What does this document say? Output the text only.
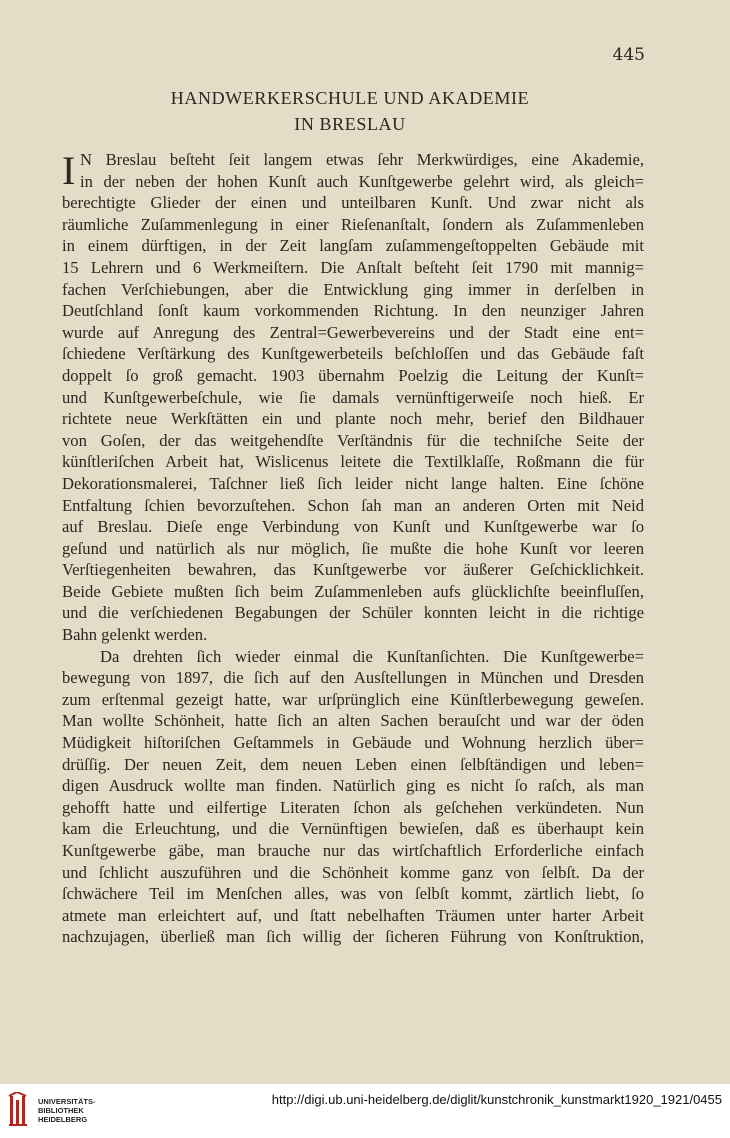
445
HANDWERKERSCHULE UND AKADEMIE
IN BRESLAU
I N Breslau beſteht ſeit langem etwas ſehr Merkwürdiges, eine Akademie,
in der neben der hohen Kunſt auch Kunſtgewerbe gelehrt wird, als gleich=
berechtigte Glieder der einen und unteilbaren Kunſt. Und zwar nicht als
räumliche Zuſammenlegung in einer Rieſenanſtalt, ſondern als Zuſammenleben
in einem dürftigen, in der Zeit langſam zuſammengeſtoppelten Gebäude mit
15 Lehrern und 6 Werkmeiſtern. Die Anſtalt beſteht ſeit 1790 mit mannig=
fachen Verſchiebungen, aber die Entwicklung ging immer in derſelben in
Deutſchland ſonſt kaum vorkommenden Richtung. In den neunziger Jahren
wurde auf Anregung des Zentral=Gewerbevereins und der Stadt eine ent=
ſchiedene Verſtärkung des Kunſtgewerbeteils beſchloſſen und das Gebäude faſt
doppelt ſo groß gemacht. 1903 übernahm Poelzig die Leitung der Kunſt=
und Kunſtgewerbeſchule, wie ſie damals vernünftigerweiſe noch hieß. Er
richtete neue Werkſtätten ein und plante noch mehr, berief den Bildhauer
von Goſen, der das weitgehendſte Verſtändnis für die techniſche Seite der
künſtleriſchen Arbeit hat, Wislicenus leitete die Textilklaſſe, Roßmann die für
Dekorationsmalerei, Taſchner ließ ſich leider nicht lange halten. Eine ſchöne
Entfaltung ſchien bevorzuſtehen. Schon ſah man an anderen Orten mit Neid
auf Breslau. Dieſe enge Verbindung von Kunſt und Kunſtgewerbe war ſo
geſund und natürlich als nur möglich, ſie mußte die hohe Kunſt vor leeren
Verſtiegenheiten bewahren, das Kunſtgewerbe vor äußerer Geſchicklichkeit.
Beide Gebiete mußten ſich beim Zuſammenleben aufs glücklichſte beeinfluſſen,
und die verſchiedenen Begabungen der Schüler konnten leicht in die richtige
Bahn gelenkt werden.
Da drehten ſich wieder einmal die Kunſtanſichten. Die Kunſtgewerbe=
bewegung von 1897, die ſich auf den Ausſtellungen in München und Dresden
zum erſtenmal gezeigt hatte, war urſprünglich eine Künſtlerbewegung geweſen.
Man wollte Schönheit, hatte ſich an alten Sachen berauſcht und war der öden
Müdigkeit hiſtoriſchen Geſtammels in Gebäude und Wohnung herzlich über=
drüſſig. Der neuen Zeit, dem neuen Leben einen ſelbſtändigen und leben=
digen Ausdruck wollte man finden. Natürlich ging es nicht ſo raſch, als man
gehofft hatte und eilfertige Literaten ſchon als geſchehen verkündeten. Nun
kam die Erleuchtung, und die Vernünftigen bewieſen, daß es überhaupt kein
Kunſtgewerbe gäbe, man brauche nur das wirtſchaftlich Erforderliche einfach
und ſchlicht auszuführen und die Schönheit komme ganz von ſelbſt. Da der
ſchwächere Teil im Menſchen alles, was von ſelbſt kommt, zärtlich liebt, ſo
atmete man erleichtert auf, und ſtatt nebelhaften Träumen unter harter Arbeit
nachzujagen, überließ man ſich willig der ſicheren Führung von Konſtruktion,
UNIVERSITÄTS-
BIBLIOTHEK
HEIDELBERG
http://digi.ub.uni-heidelberg.de/diglit/kunstchronik_kunstmarkt1920_1921/0455
